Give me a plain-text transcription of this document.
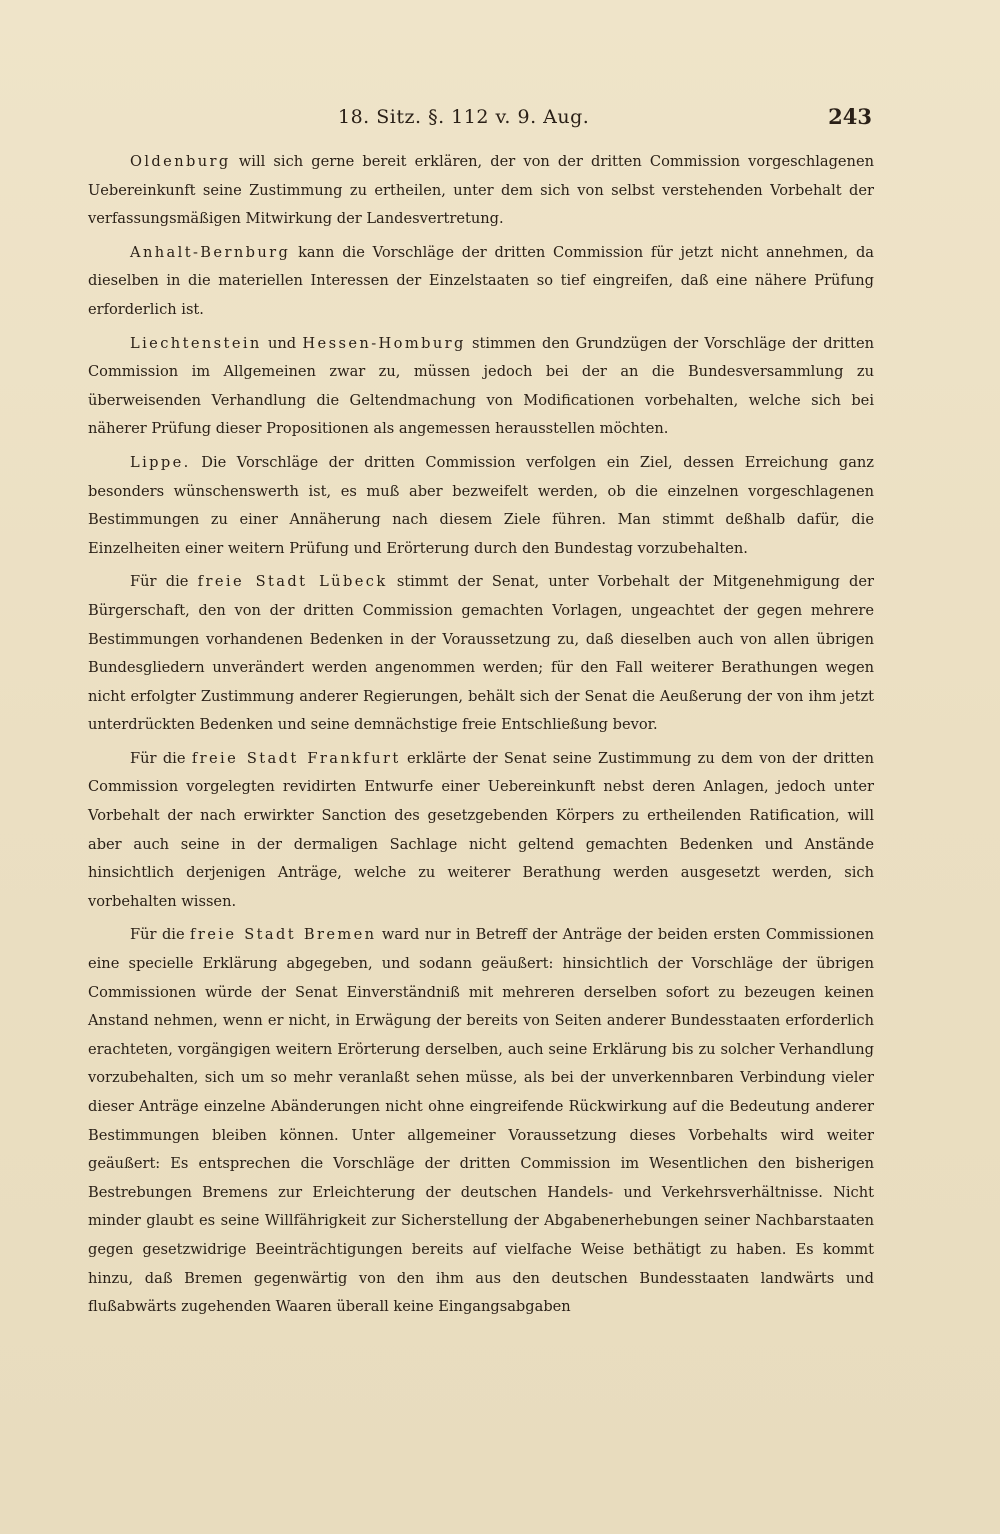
18. Sitz. §. 112 v. 9. Aug.	243

Oldenburg will sich gerne bereit erklären, der von der dritten Commission vorgeschlagenen Uebereinkunft seine Zustimmung zu ertheilen, unter dem sich von selbst verstehenden Vorbehalt der verfassungsmäßigen Mitwirkung der Landesvertretung.

Anhalt-Bernburg kann die Vorschläge der dritten Commission für jetzt nicht annehmen, da dieselben in die materiellen Interessen der Einzelstaaten so tief eingreifen, daß eine nähere Prüfung erforderlich ist.

Liechtenstein und Hessen-Homburg stimmen den Grundzügen der Vorschläge der dritten Commission im Allgemeinen zwar zu, müssen jedoch bei der an die Bundesversammlung zu überweisenden Verhandlung die Geltendmachung von Modificationen vorbehalten, welche sich bei näherer Prüfung dieser Propositionen als angemessen herausstellen möchten.

Lippe. Die Vorschläge der dritten Commission verfolgen ein Ziel, dessen Erreichung ganz besonders wünschenswerth ist, es muß aber bezweifelt werden, ob die einzelnen vorgeschlagenen Bestimmungen zu einer Annäherung nach diesem Ziele führen. Man stimmt deßhalb dafür, die Einzelheiten einer weitern Prüfung und Erörterung durch den Bundestag vorzubehalten.

Für die freie Stadt Lübeck stimmt der Senat, unter Vorbehalt der Mitgenehmigung der Bürgerschaft, den von der dritten Commission gemachten Vorlagen, ungeachtet der gegen mehrere Bestimmungen vorhandenen Bedenken in der Voraussetzung zu, daß dieselben auch von allen übrigen Bundesgliedern unverändert werden angenommen werden; für den Fall weiterer Berathungen wegen nicht erfolgter Zustimmung anderer Regierungen, behält sich der Senat die Aeußerung der von ihm jetzt unterdrückten Bedenken und seine demnächstige freie Entschließung bevor.

Für die freie Stadt Frankfurt erklärte der Senat seine Zustimmung zu dem von der dritten Commission vorgelegten revidirten Entwurfe einer Uebereinkunft nebst deren Anlagen, jedoch unter Vorbehalt der nach erwirkter Sanction des gesetzgebenden Körpers zu ertheilenden Ratification, will aber auch seine in der dermaligen Sachlage nicht geltend gemachten Bedenken und Anstände hinsichtlich derjenigen Anträge, welche zu weiterer Berathung werden ausgesetzt werden, sich vorbehalten wissen.

Für die freie Stadt Bremen ward nur in Betreff der Anträge der beiden ersten Commissionen eine specielle Erklärung abgegeben, und sodann geäußert: hinsichtlich der Vorschläge der übrigen Commissionen würde der Senat Einverständniß mit mehreren derselben sofort zu bezeugen keinen Anstand nehmen, wenn er nicht, in Erwägung der bereits von Seiten anderer Bundesstaaten erforderlich erachteten, vorgängigen weitern Erörterung derselben, auch seine Erklärung bis zu solcher Verhandlung vorzubehalten, sich um so mehr veranlaßt sehen müsse, als bei der unverkennbaren Verbindung vieler dieser Anträge einzelne Abänderungen nicht ohne eingreifende Rückwirkung auf die Bedeutung anderer Bestimmungen bleiben können. Unter allgemeiner Voraussetzung dieses Vorbehalts wird weiter geäußert: Es entsprechen die Vorschläge der dritten Commission im Wesentlichen den bisherigen Bestrebungen Bremens zur Erleichterung der deutschen Handels- und Verkehrsverhältnisse. Nicht minder glaubt es seine Willfährigkeit zur Sicherstellung der Abgabenerhebungen seiner Nachbarstaaten gegen gesetzwidrige Beeinträchtigungen bereits auf vielfache Weise bethätigt zu haben. Es kommt hinzu, daß Bremen gegenwärtig von den ihm aus den deutschen Bundesstaaten landwärts und flußabwärts zugehenden Waaren überall keine Eingangsabgaben
